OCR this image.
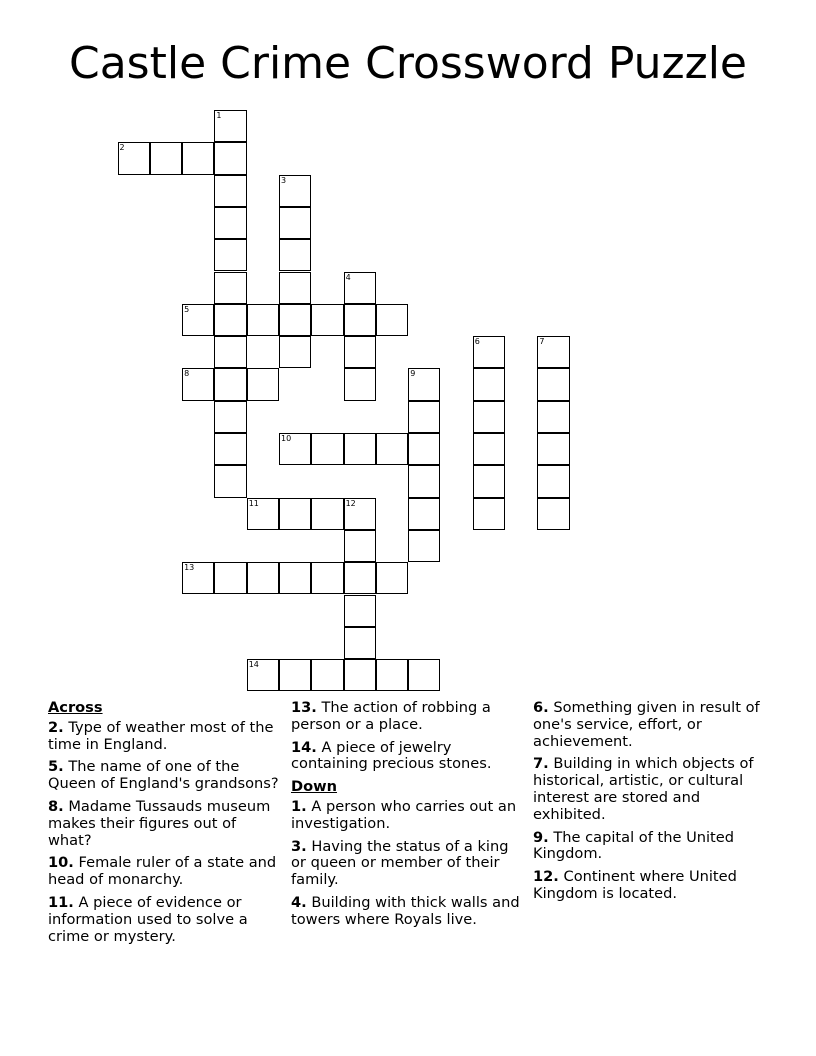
Castle Crime Crossword Puzzle
1
2
3
4
5
6	7
8	9
10
11	12
13
14

Across

2. Type of weather most of the time in England.

5. The name of one of the Queen of England's grandsons?

8. Madame Tussauds museum makes their figures out of what?

10. Female ruler of a state and head of monarchy.

11. A piece of evidence or information used to solve a crime or mystery.

13. The action of robbing a person or a place.

14. A piece of jewelry containing precious stones.

Down

1. A person who carries out an investigation.

3. Having the status of a king or queen or member of their family.

4. Building with thick walls and towers where Royals live.

6. Something given in result of one's service, effort, or achievement.

7. Building in which objects of historical, artistic, or cultural interest are stored and exhibited.

9. The capital of the United Kingdom.

12. Continent where United Kingdom is located.
